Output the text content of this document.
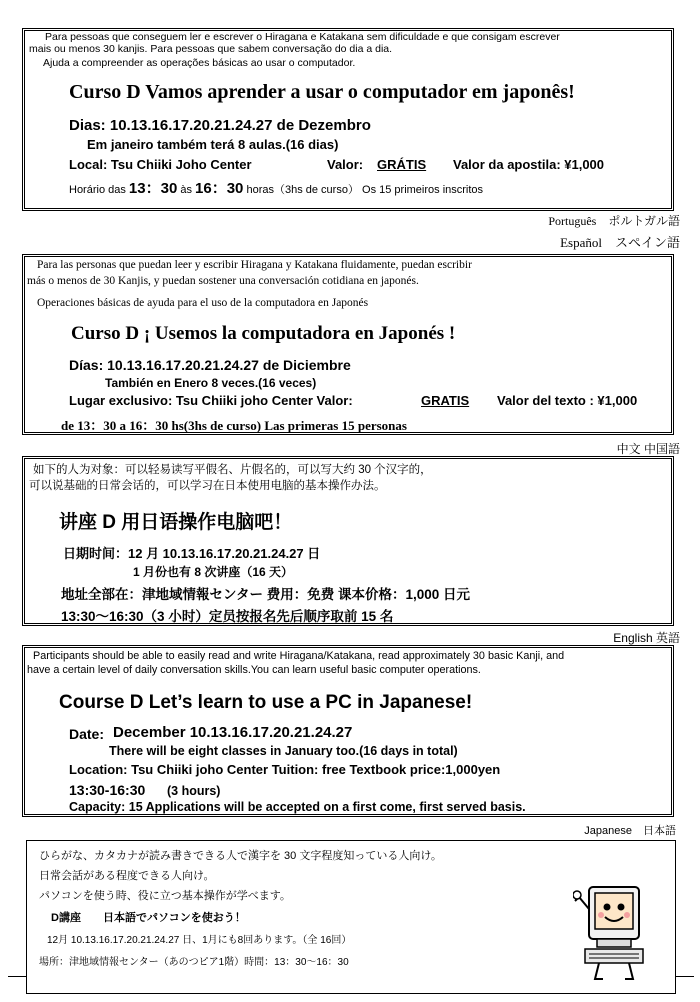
Para pessoas que conseguem ler e escrever o Hiragana e Katakana sem dificuldade e que consigam escrever
mais ou menos 30 kanjis. Para pessoas que sabem conversação do dia a dia.
Ajuda a compreender as operações básicas ao usar o computador.
Curso D Vamos aprender a usar o computador em japonês!
Dias: 10.13.16.17.20.21.24.27 de Dezembro
Em janeiro também terá 8 aulas.(16 dias)
Local: Tsu Chiiki Joho Center	Valor: GRÁTIS Valor da apostila: ¥1,000
Horário das 13：30 às 16：30 horas（3hs de curso） Os 15 primeiros inscritos
Português　ポルトガル語
Español　スペイン語
Para las personas que puedan leer y escribir Hiragana y Katakana fluidamente, puedan escribir
más o menos de 30 Kanjis, y puedan sostener una conversación cotidiana en japonés.
Operaciones básicas de ayuda para el uso de la computadora en Japonés
Curso D ¡ Usemos la computadora en Japonés !
Días: 10.13.16.17.20.21.24.27 de Diciembre
También en Enero 8 veces.(16 veces)
Lugar exclusivo: Tsu Chiiki joho Center Valor:	GRATIS Valor del texto : ¥1,000
de 13：30 a 16：30 hs(3hs de curso) Las primeras 15 personas
中文 中国語
如下的人为对象：可以轻易读写平假名、片假名的，可以写大约 30 个汉字的，
可以说基础的日常会话的，可以学习在日本使用电脑的基本操作办法。
讲座 D 用日语操作电脑吧！
日期时间：12 月 10.13.16.17.20.21.24.27 日
1 月份也有 8 次讲座（16 天）
地址全部在：津地域情報センター 费用：免费 课本价格：1,000 日元
13:30～16:30（3 小时）定员按报名先后顺序取前 15 名
English 英語
Participants should be able to easily read and write Hiragana/Katakana, read approximately 30 basic Kanji, and
have a certain level of daily conversation skills.You can learn useful basic computer operations.
Course D Let’s learn to use a PC in Japanese!
Date: December 10.13.16.17.20.21.24.27
There will be eight classes in January too.(16 days in total)
Location: Tsu Chiiki joho Center Tuition: free Textbook price:1,000yen
13:30-16:30 (3 hours)
Capacity: 15 Applications will be accepted on a first come, first served basis.
Japanese　日本語
ひらがな、カタカナが読み書きできる人で漢字を 30 文字程度知っている人向け。
日常会話がある程度できる人向け。
パソコンを使う時、役に立つ基本操作が学べます。
D講座　　日本語でパソコンを使おう！
12月 10.13.16.17.20.21.24.27 日、1月にも8回あります。（全 16回）
場所：津地域情報センター（あのつピア1階）時間：13：30～16：30
